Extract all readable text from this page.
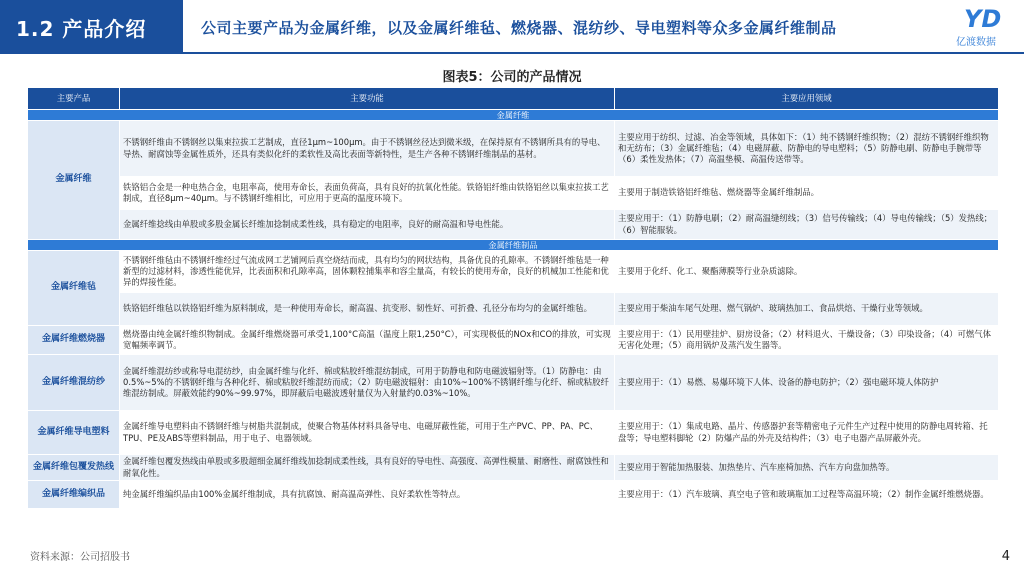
1.2 产品介绍	公司主要产品为金属纤维，以及金属纤维毡、燃烧器、混纺纱、导电塑料等众多金属纤维制品	YD
亿渡数据
图表5：公司的产品情况
主要产品	主要功能	主要应用领域
金属纤维		
金属纤维	不锈钢纤维由不锈钢丝以集束拉拔工艺制成，直径1μm~100μm。由于不锈钢丝径达到微米级，在保持原有不锈钢所具有的导电、导热、耐腐蚀等金属性质外，还具有类似化纤的柔软性及高比表面等新特性，是生产各种不锈钢纤维制品的基材。	主要应用于纺织、过滤、冶金等领域，具体如下：（1）纯不锈钢纤维织物；（2）混纺不锈钢纤维织物和无纺布；（3）金属纤维毡；（4）电磁屏蔽、防静电的导电塑料；（5）防静电刷、防静电手腕带等（6）柔性发热体；（7）高温垫模、高温传送带等。
	铁铬铝合金是一种电热合金，电阻率高，使用寿命长，表面负荷高，具有良好的抗氧化性能。铁铬铝纤维由铁铬铝丝以集束拉拔工艺制成，直径8μm~40μm。与不锈钢纤维相比，可应用于更高的温度环境下。	主要用于制造铁铬铝纤维毡、燃烧器等金属纤维制品。
	金属纤维捻线由单股或多股金属长纤维加捻制成柔性线，具有稳定的电阻率，良好的耐高温和导电性能。	主要应用于：（1）防静电刷；（2）耐高温缝纫线；（3）信号传输线；（4）导电传输线；（5）发热线；（6）智能服装。
金属纤维制品		
金属纤维毡	不锈钢纤维毡由不锈钢纤维经过气流成网工艺铺网后真空烧结而成，具有均匀的网状结构，具备优良的孔隙率。不锈钢纤维毡是一种新型的过滤材料，渗透性能优异，比表面积和孔隙率高，固体颗粒捕集率和容尘量高，有较长的使用寿命，良好的机械加工性能和优异的焊接性能。	主要用于化纤、化工、聚酯薄膜等行业杂质滤除。
	铁铬铝纤维毡以铁铬铝纤维为原料制成，是一种使用寿命长，耐高温、抗变形、韧性好、可折叠、孔径分布均匀的金属纤维毡。	主要应用于柴油车尾气处理、燃气锅炉、玻璃热加工、食品烘焙、干燥行业等领域。
金属纤维燃烧器	燃烧器由纯金属纤维织物制成。金属纤维燃烧器可承受1,100°C高温（温度上限1,250°C），可实现极低的NOx和CO的排放，可实现宽幅频率调节。	主要应用于：（1）民用壁挂炉、厨房设备；（2）材料退火、干燥设备；（3）印染设备；（4）可燃气体无害化处理；（5）商用锅炉及蒸汽发生器等。
金属纤维混纺纱	金属纤维混纺纱或称导电混纺纱，由金属纤维与化纤、棉或粘胶纤维混纺制成，可用于防静电和防电磁波辐射等。（1）防静电：由0.5%~5%的不锈钢纤维与各种化纤、棉或粘胶纤维混纺而成；（2）防电磁波辐射：由10%~100%不锈钢纤维与化纤、棉或粘胶纤维混纺制成。屏蔽效能约90%~99.97%，即屏蔽后电磁波透射量仅为入射量约0.03%~10%。	主要应用于：（1）易燃、易爆环境下人体、设备的静电防护；（2）强电磁环境人体防护
金属纤维导电塑料	金属纤维导电塑料由不锈钢纤维与树脂共混制成，使聚合物基体材料具备导电、电磁屏蔽性能，可用于生产PVC、PP、PA、PC、TPU、PE及ABS等塑料制品，用于电子、电器领域。	主要应用于：（1）集成电路、晶片、传感器护套等精密电子元件生产过程中使用的防静电周转箱、托盘等；导电塑料脚轮（2）防爆产品的外壳及结构件；（3）电子电器产品屏蔽外壳。
金属纤维包覆发热线	金属纤维包覆发热线由单股或多股超细金属纤维线加捻制成柔性线，具有良好的导电性、高强度、高弹性模量、耐磨性、耐腐蚀性和耐氧化性。	主要应用于智能加热服装、加热垫片、汽车座椅加热、汽车方向盘加热等。
金属纤维编织品	纯金属纤维编织品由100%金属纤维制成，具有抗腐蚀、耐高温高弹性、良好柔软性等特点。	主要应用于：（1）汽车玻璃、真空电子管和玻璃瓶加工过程等高温环境；（2）制作金属纤维燃烧器。
资料来源：公司招股书	4
